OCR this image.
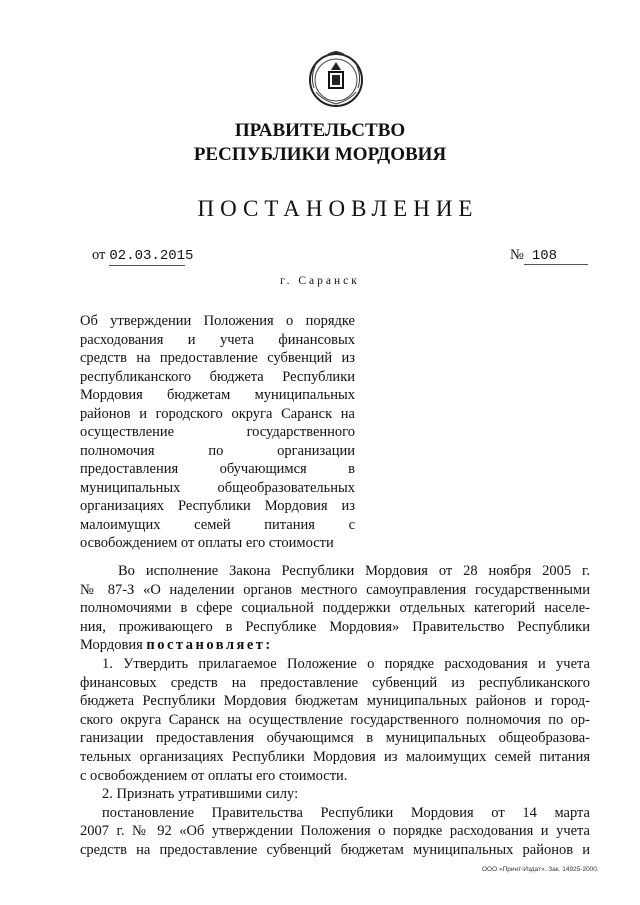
ПРАВИТЕЛЬСТВО
РЕСПУБЛИКИ МОРДОВИЯ
ПОСТАНОВЛЕНИЕ
от 02.03.2015	№ 108
г. Саранск
Об утверждении Положения о порядке
расходования и учета финансовых
средств на предоставление субвенций из
республиканского бюджета Республики
Мордовия бюджетам муниципальных
районов и городского округа Саранск на
осуществление государственного
полномочия по организации
предоставления обучающимся в
муниципальных общеобразовательных
организациях Республики Мордовия из
малоимущих семей питания с
освобождением от оплаты его стоимости
Во исполнение Закона Республики Мордовия от 28 ноября 2005 г.
№ 87-З «О наделении органов местного самоуправления государственными
полномочиями в сфере социальной поддержки отдельных категорий населе-
ния, проживающего в Республике Мордовия» Правительство Республики
Мордовия постановляет:
1. Утвердить прилагаемое Положение о порядке расходования и учета
финансовых средств на предоставление субвенций из республиканского
бюджета Республики Мордовия бюджетам муниципальных районов и город-
ского округа Саранск на осуществление государственного полномочия по ор-
ганизации предоставления обучающимся в муниципальных общеобразова-
тельных организациях Республики Мордовия из малоимущих семей питания
с освобождением от оплаты его стоимости.
2. Признать утратившими силу:
постановление Правительства Республики Мордовия от 14 марта
2007 г. № 92 «Об утверждении Положения о порядке расходования и учета
средств на предоставление субвенций бюджетам муниципальных районов и
ООО «Принт-Издат». Зак. 14925-2000.
